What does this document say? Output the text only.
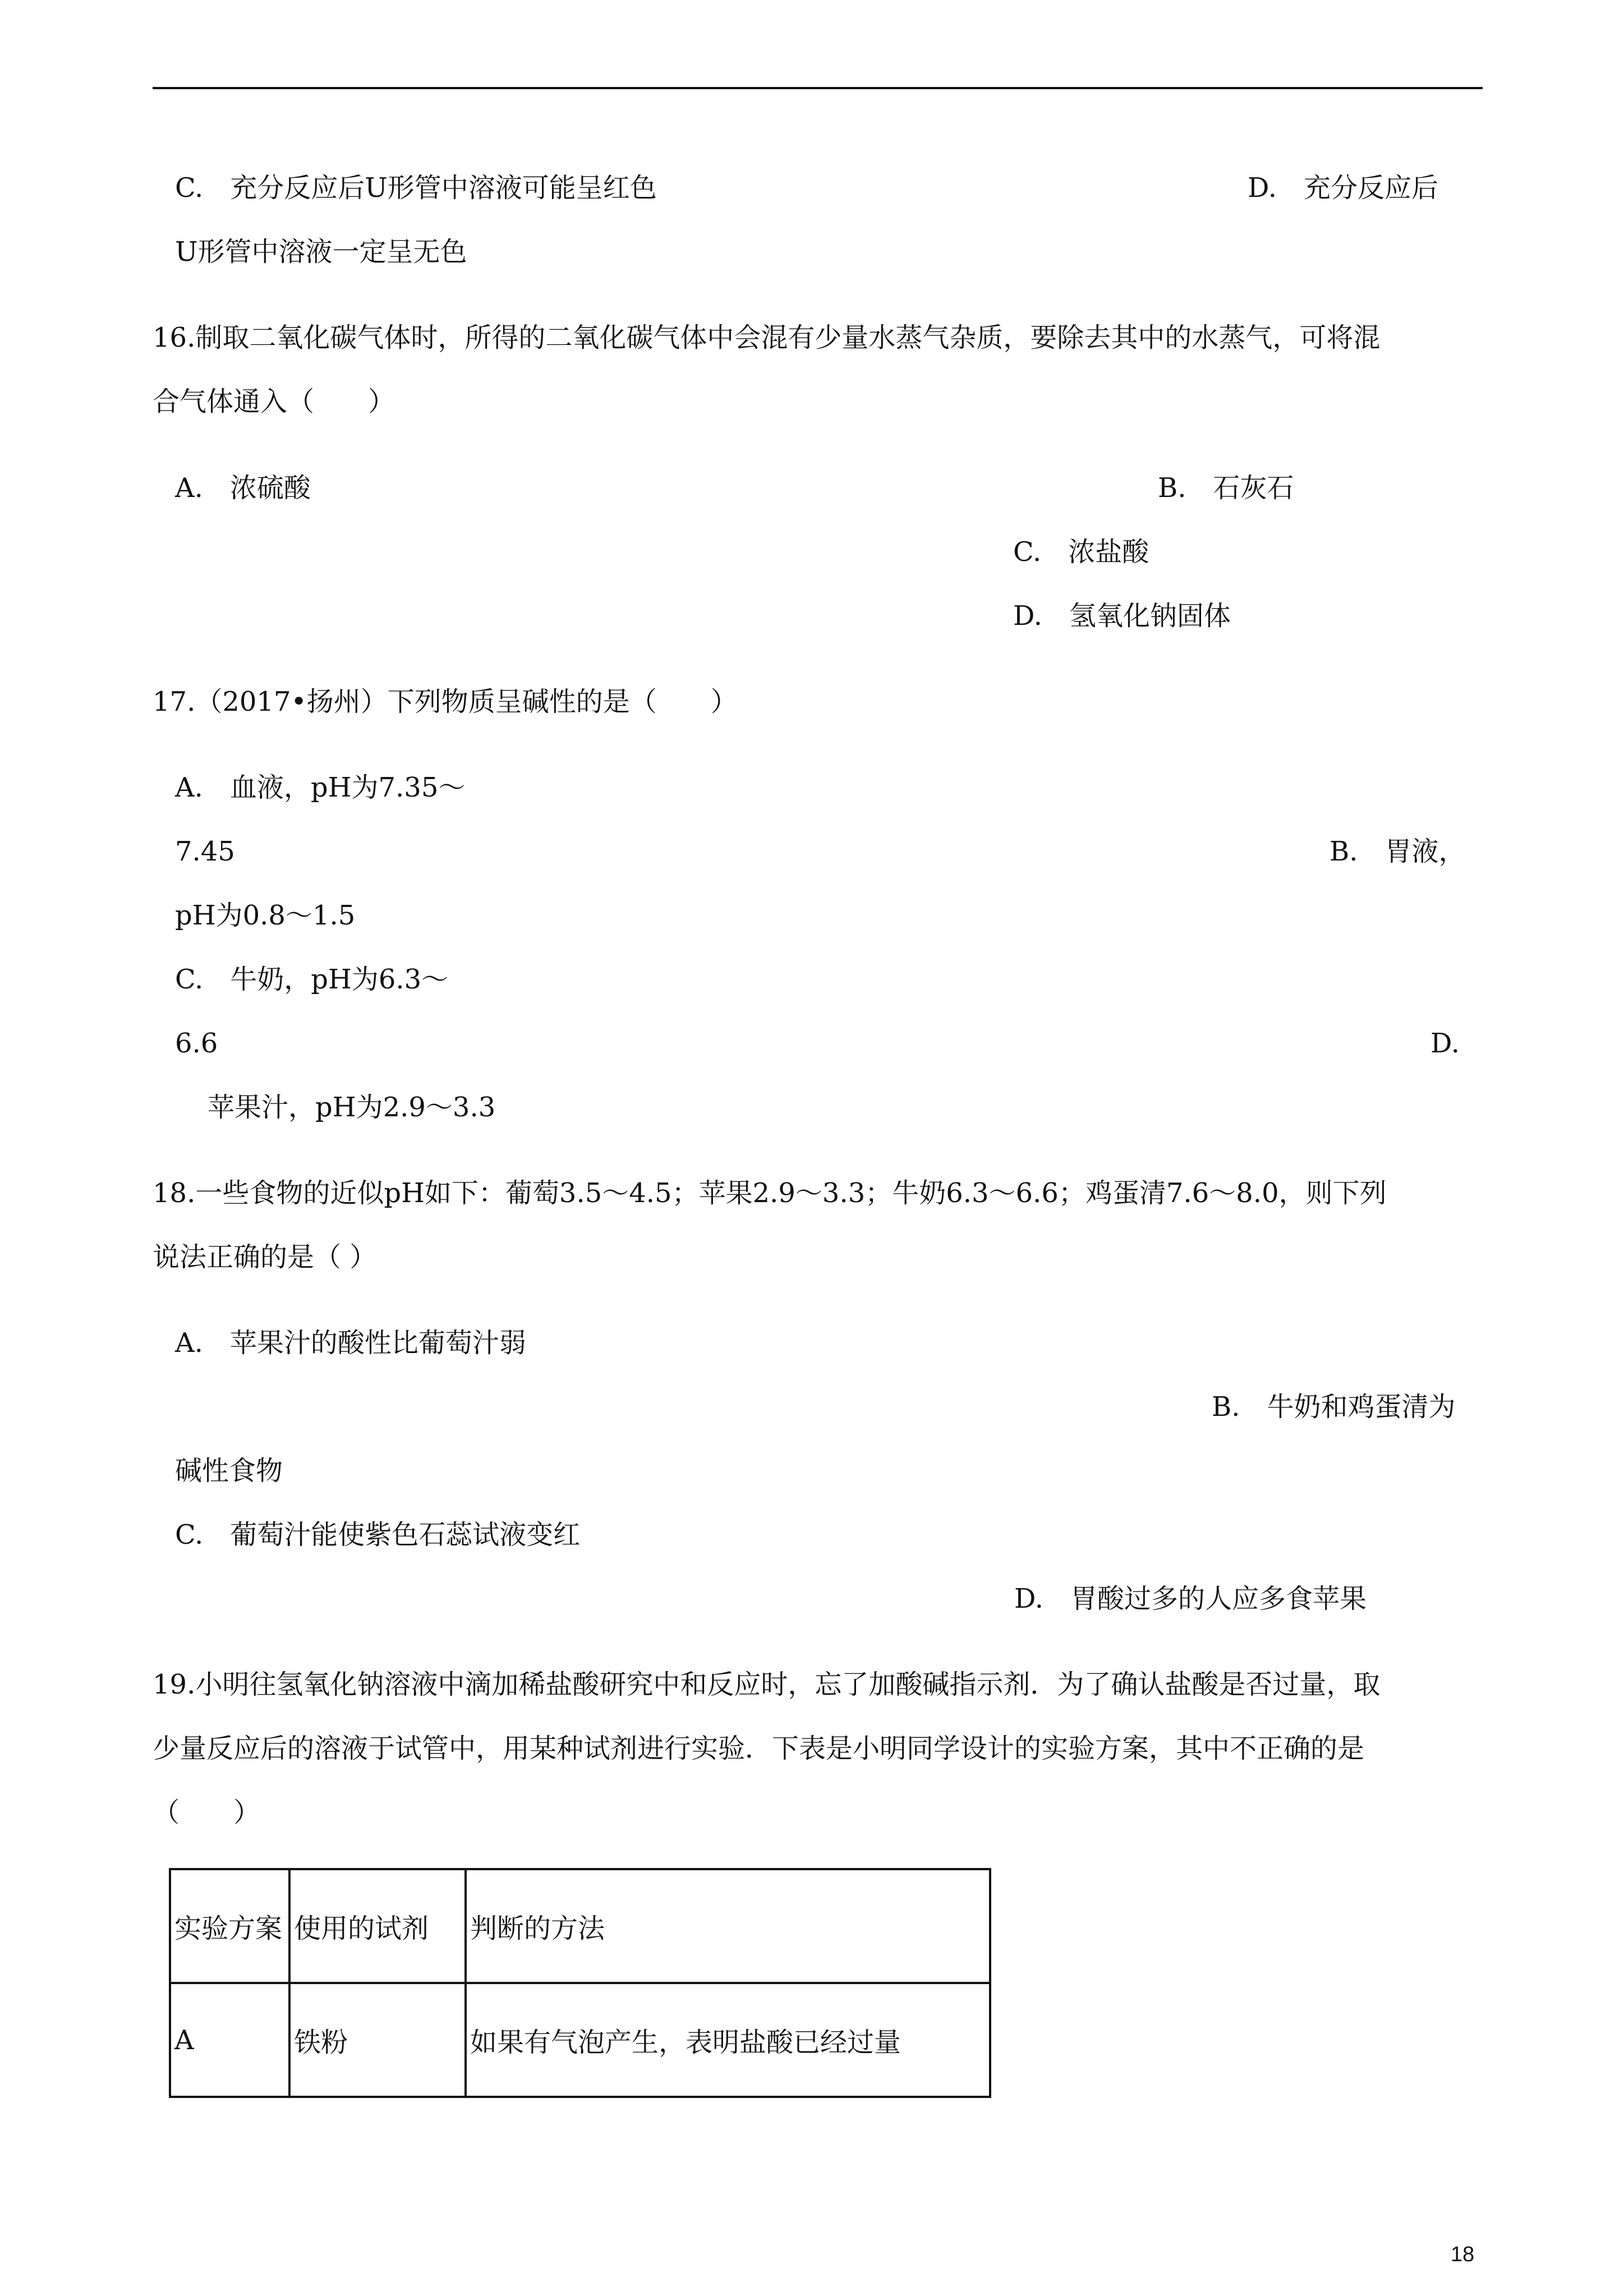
C.　充分反应后U形管中溶液可能呈红色	D.　充分反应后
U形管中溶液一定呈无色
16.制取二氧化碳气体时，所得的二氧化碳气体中会混有少量水蒸气杂质，要除去其中的水蒸气，可将混
合气体通入（　　）
A.　浓硫酸	B.　石灰石
C.　浓盐酸
D.　氢氧化钠固体
17.（2017•扬州）下列物质呈碱性的是（　　）
A.　血液，pH为7.35～
7.45	B.　胃液，
pH为0.8～1.5
C.　牛奶，pH为6.3～
6.6	D.
苹果汁，pH为2.9～3.3
18.一些食物的近似pH如下：葡萄3.5～4.5；苹果2.9～3.3；牛奶6.3～6.6；鸡蛋清7.6～8.0，则下列
说法正确的是（ ）
A.　苹果汁的酸性比葡萄汁弱
B.　牛奶和鸡蛋清为
碱性食物
C.　葡萄汁能使紫色石蕊试液变红
D.　胃酸过多的人应多食苹果
19.小明往氢氧化钠溶液中滴加稀盐酸研究中和反应时，忘了加酸碱指示剂．为了确认盐酸是否过量，取
少量反应后的溶液于试管中，用某种试剂进行实验．下表是小明同学设计的实验方案，其中不正确的是
（　　）
实验方案	使用的试剂	判断的方法
A	铁粉	如果有气泡产生，表明盐酸已经过量
18
